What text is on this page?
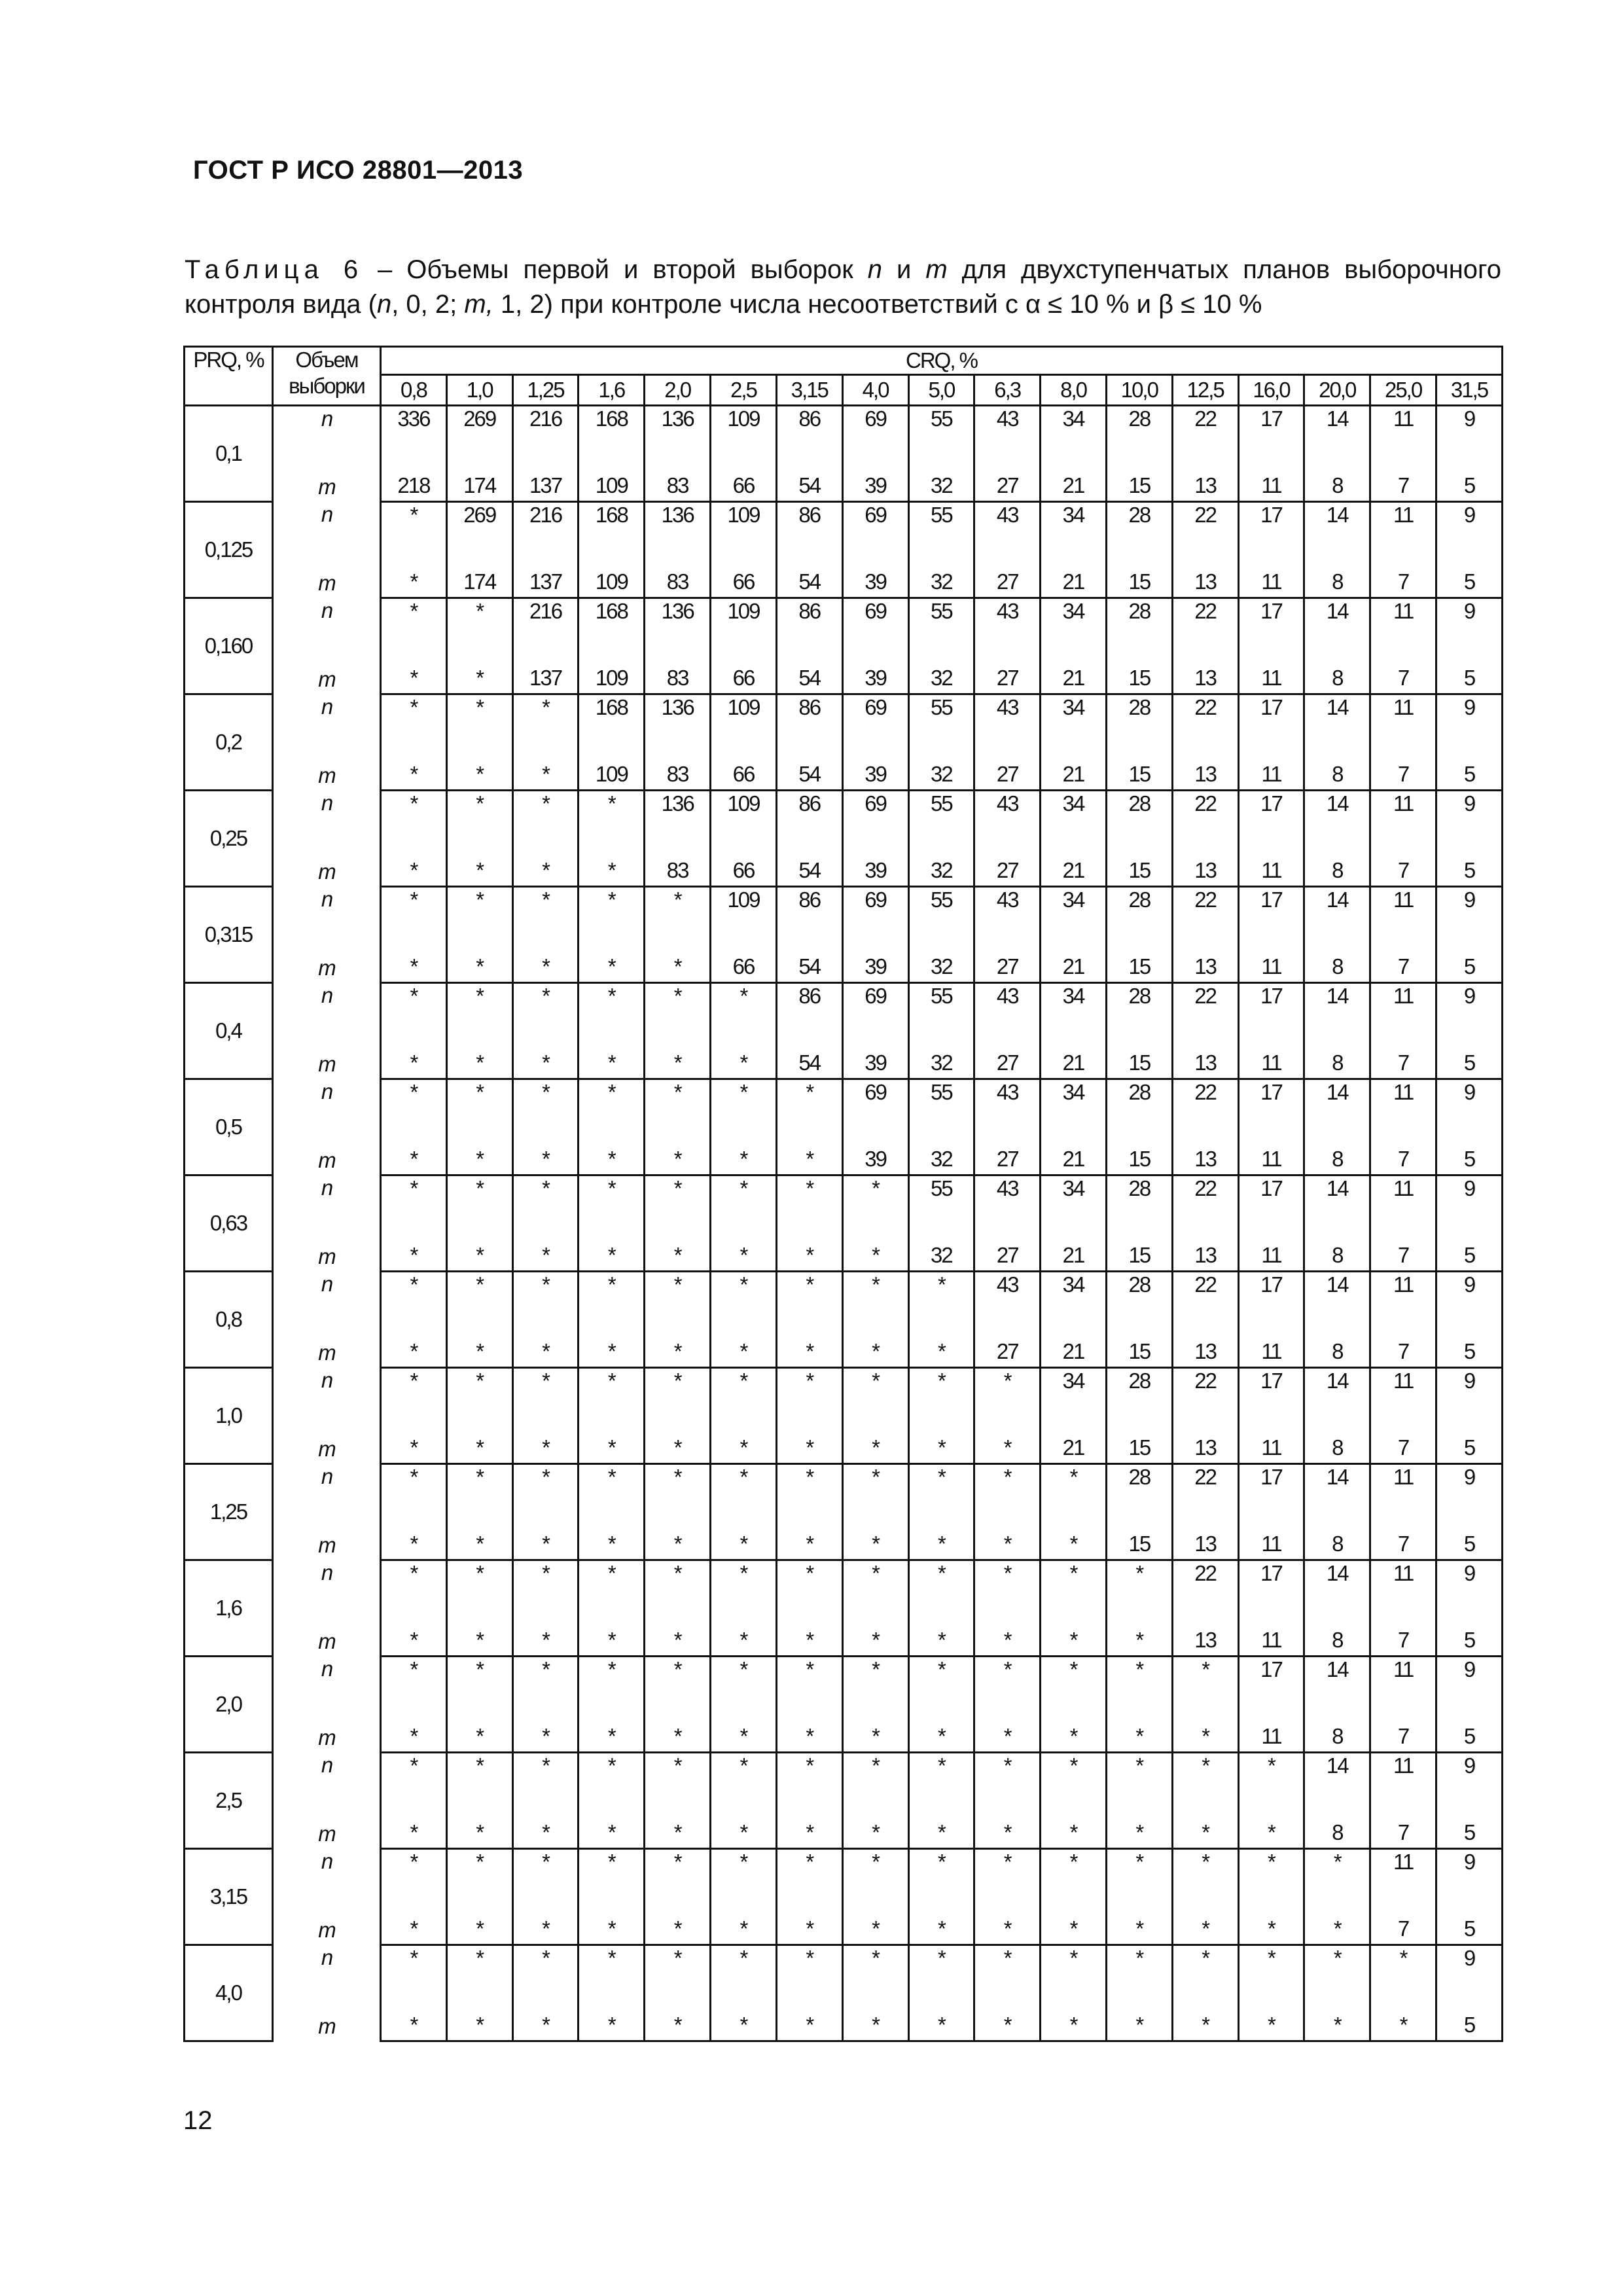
ГОСТ Р ИСО 28801—2013
Таблица 6 – Объемы первой и второй выборок n и m для двухступенчатых планов выборочного контроля вида (n, 0, 2; m, 1, 2) при контроле числа несоответствий с α ≤ 10 % и β ≤ 10 %
PRQ, %	Объем	CRQ, %																
	выборки	0,8	1,0	1,25	1,6	2,0	2,5	3,15	4,0	5,0	6,3	8,0	10,0	12,5	16,0	20,0	25,0	31,5
0,1	n	336	269	216	168	136	109	86	69	55	43	34	28	22	17	14	11	9
	m	218	174	137	109	83	66	54	39	32	27	21	15	13	11	8	7	5
0,125	n	*	269	216	168	136	109	86	69	55	43	34	28	22	17	14	11	9
	m	*	174	137	109	83	66	54	39	32	27	21	15	13	11	8	7	5
0,160	n	*	*	216	168	136	109	86	69	55	43	34	28	22	17	14	11	9
	m	*	*	137	109	83	66	54	39	32	27	21	15	13	11	8	7	5
0,2	n	*	*	*	168	136	109	86	69	55	43	34	28	22	17	14	11	9
	m	*	*	*	109	83	66	54	39	32	27	21	15	13	11	8	7	5
0,25	n	*	*	*	*	136	109	86	69	55	43	34	28	22	17	14	11	9
	m	*	*	*	*	83	66	54	39	32	27	21	15	13	11	8	7	5
0,315	n	*	*	*	*	*	109	86	69	55	43	34	28	22	17	14	11	9
	m	*	*	*	*	*	66	54	39	32	27	21	15	13	11	8	7	5
0,4	n	*	*	*	*	*	*	86	69	55	43	34	28	22	17	14	11	9
	m	*	*	*	*	*	*	54	39	32	27	21	15	13	11	8	7	5
0,5	n	*	*	*	*	*	*	*	69	55	43	34	28	22	17	14	11	9
	m	*	*	*	*	*	*	*	39	32	27	21	15	13	11	8	7	5
0,63	n	*	*	*	*	*	*	*	*	55	43	34	28	22	17	14	11	9
	m	*	*	*	*	*	*	*	*	32	27	21	15	13	11	8	7	5
0,8	n	*	*	*	*	*	*	*	*	*	43	34	28	22	17	14	11	9
	m	*	*	*	*	*	*	*	*	*	27	21	15	13	11	8	7	5
1,0	n	*	*	*	*	*	*	*	*	*	*	34	28	22	17	14	11	9
	m	*	*	*	*	*	*	*	*	*	*	21	15	13	11	8	7	5
1,25	n	*	*	*	*	*	*	*	*	*	*	*	28	22	17	14	11	9
	m	*	*	*	*	*	*	*	*	*	*	*	15	13	11	8	7	5
1,6	n	*	*	*	*	*	*	*	*	*	*	*	*	22	17	14	11	9
	m	*	*	*	*	*	*	*	*	*	*	*	*	13	11	8	7	5
2,0	n	*	*	*	*	*	*	*	*	*	*	*	*	*	17	14	11	9
	m	*	*	*	*	*	*	*	*	*	*	*	*	*	11	8	7	5
2,5	n	*	*	*	*	*	*	*	*	*	*	*	*	*	*	14	11	9
	m	*	*	*	*	*	*	*	*	*	*	*	*	*	*	8	7	5
3,15	n	*	*	*	*	*	*	*	*	*	*	*	*	*	*	*	11	9
	m	*	*	*	*	*	*	*	*	*	*	*	*	*	*	*	7	5
4,0	n	*	*	*	*	*	*	*	*	*	*	*	*	*	*	*	*	9
	m	*	*	*	*	*	*	*	*	*	*	*	*	*	*	*	*	5
12
